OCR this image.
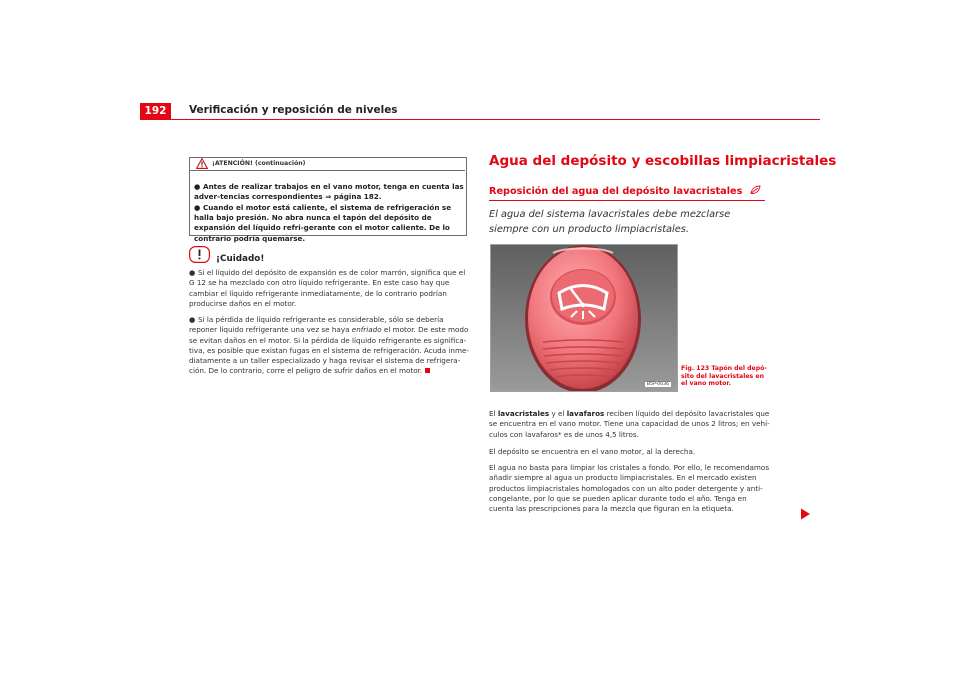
192	Verificación y reposición de niveles
¡ATENCIÓN! (continuación)
● Antes de realizar trabajos en el vano motor, tenga en cuenta las adver-tencias correspondientes ⇒ página 182.
● Cuando el motor está caliente, el sistema de refrigeración se halla bajo presión. No abra nunca el tapón del depósito de expansión del líquido refri-gerante con el motor caliente. De lo contrario podría quemarse.
¡Cuidado!
● Si el líquido del depósito de expansión es de color marrón, significa que el G 12 se ha mezclado con otro líquido refrigerante. En este caso hay que cambiar el líquido refrigerante inmediatamente, de lo contrario podrían producirse daños en el motor.
● Si la pérdida de líquido refrigerante es considerable, sólo se debería reponer líquido refrigerante una vez se haya enfriado el motor. De este modo se evitan daños en el motor. Si la pérdida de líquido refrigerante es significa-tiva, es posible que existan fugas en el sistema de refrigeración. Acuda inme-diatamente a un taller especializado y haga revisar el sistema de refrigera-ción. De lo contrario, corre el peligro de sufrir daños en el motor.
Agua del depósito y escobillas limpiacristales
Reposición del agua del depósito lavacristales
El agua del sistema lavacristales debe mezclarse siempre con un producto limpiacristales.
B5P-0036
Fig. 123 Tapón del depó-sito del lavacristales en el vano motor.
El lavacristales y el lavafaros reciben líquido del depósito lavacristales que se encuentra en el vano motor. Tiene una capacidad de unos 2 litros; en vehí-culos con lavafaros* es de unos 4,5 litros.
El depósito se encuentra en el vano motor, al la derecha.
El agua no basta para limpiar los cristales a fondo. Por ello, le recomendamos añadir siempre al agua un producto limpiacristales. En el mercado existen productos limpiacristales homologados con un alto poder detergente y anti-congelante, por lo que se pueden aplicar durante todo el año. Tenga en cuenta las prescripciones para la mezcla que figuran en la etiqueta.
